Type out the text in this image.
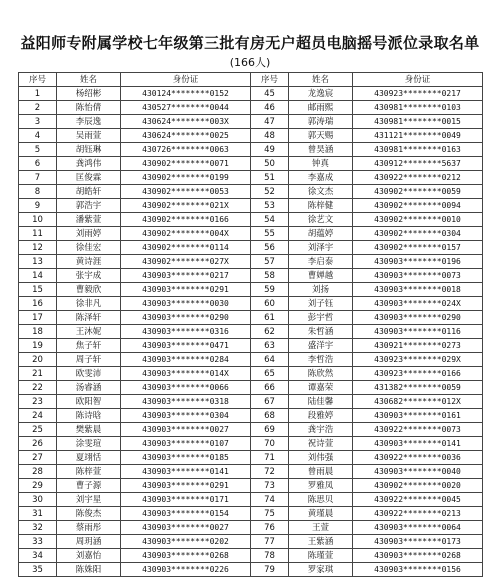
益阳师专附属学校七年级第三批有房无户超员电脑摇号派位录取名单
(166人)
序号	姓名	身份证	序号	姓名	身份证
1	杨绍彬	430124********0152	45	龙逸宸	430923********0217
2	陈怡倩	430527********0044	46	邮雨熙	430981********0103
3	李辰逸	430624********003X	47	郭涛瑞	430981********0015
4	吴雨萱	430624********0025	48	郭天赐	431121********0049
5	胡钰琳	430726********0063	49	曾昊涵	430981********0163
6	龚鸿伟	430902********0071	50	钟真	430912********5637
7	匡俊霖	430902********0199	51	李嘉成	430922********0212
8	胡皓轩	430902********0053	52	徐文杰	430902********0059
9	郭浩宇	430902********021X	53	陈梓健	430902********0094
10	潘紫萱	430902********0166	54	徐艺文	430902********0010
11	刘雨婷	430902********004X	55	胡蕴婷	430902********0304
12	徐佳宏	430902********0114	56	刘泽宇	430902********0157
13	黄诗涯	430902********027X	57	李启泰	430903********0196
14	张宇成	430903********0217	58	曹婵越	430903********0073
15	曹毅欣	430903********0291	59	刘扬	430903********0018
16	徐非凡	430903********0030	60	刘子钰	430903********024X
17	陈泽轩	430903********0290	61	彭宇哲	430903********0290
18	王沐妮	430903********0316	62	朱哲涵	430903********0116
19	焦子轩	430903********0471	63	盛洋宇	430921********0273
20	周子轩	430903********0284	64	李哲浩	430923********029X
21	欧雯沛	430903********014X	65	陈欣然	430923********0166
22	汤睿涵	430903********0066	66	谭嘉荣	431382********0059
23	欧阳智	430903********0318	67	陆佳馨	430682********012X
24	陈诗晗	430903********0304	68	段雅婷	430903********0161
25	樊紫晨	430903********0027	69	龚宇浩	430922********0073
26	涂雯瑄	430903********0107	70	祝诗萱	430903********0141
27	夏翊恬	430903********0185	71	刘伟强	430922********0036
28	陈梓萱	430903********0141	72	曾雨晨	430903********0040
29	曹子源	430903********0291	73	罗雅凤	430902********0020
30	刘宇星	430903********0171	74	陈思贝	430922********0045
31	陈俊杰	430903********0154	75	黄瑾晨	430922********0213
32	蔡雨彤	430903********0027	76	王萱	430903********0064
33	周玥涵	430903********0202	77	王紫涵	430903********0173
34	刘嘉怡	430903********0268	78	陈瑾萱	430903********0268
35	陈姝阳	430903********0226	79	罗家琪	430903********0156
